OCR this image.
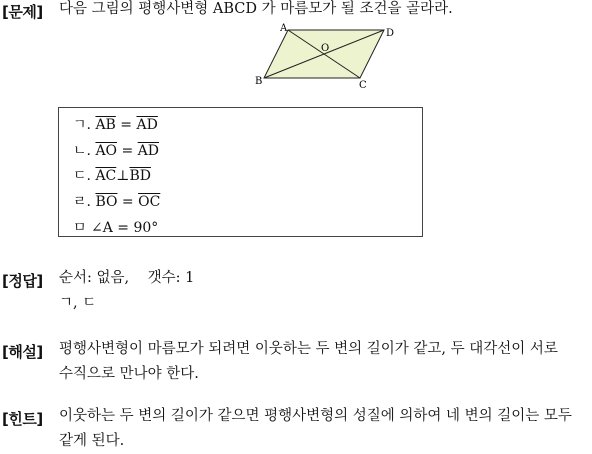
[문제] 다음 그림의 평행사변형 ABCD 가 마름모가 될 조건을 골라라.
A	D
O
B	C
ㄱ. $\overline{AB} = \overline{AD}$
ㄴ. $\overline{AO} = \overline{AD}$
ㄷ. $\overline{AC}\perp\overline{BD}$
ㄹ. $\overline{BO} = \overline{OC}$
ㅁ ∠A = 90°
[정답] 순서: 없음, 갯수: 1
ㄱ, ㄷ
[해설] 평행사변형이 마름모가 되려면 이웃하는 두 변의 길이가 같고, 두 대각선이 서로
수직으로 만나야 한다.
[힌트] 이웃하는 두 변의 길이가 같으면 평행사변형의 성질에 의하여 네 변의 길이는 모두
같게 된다.
